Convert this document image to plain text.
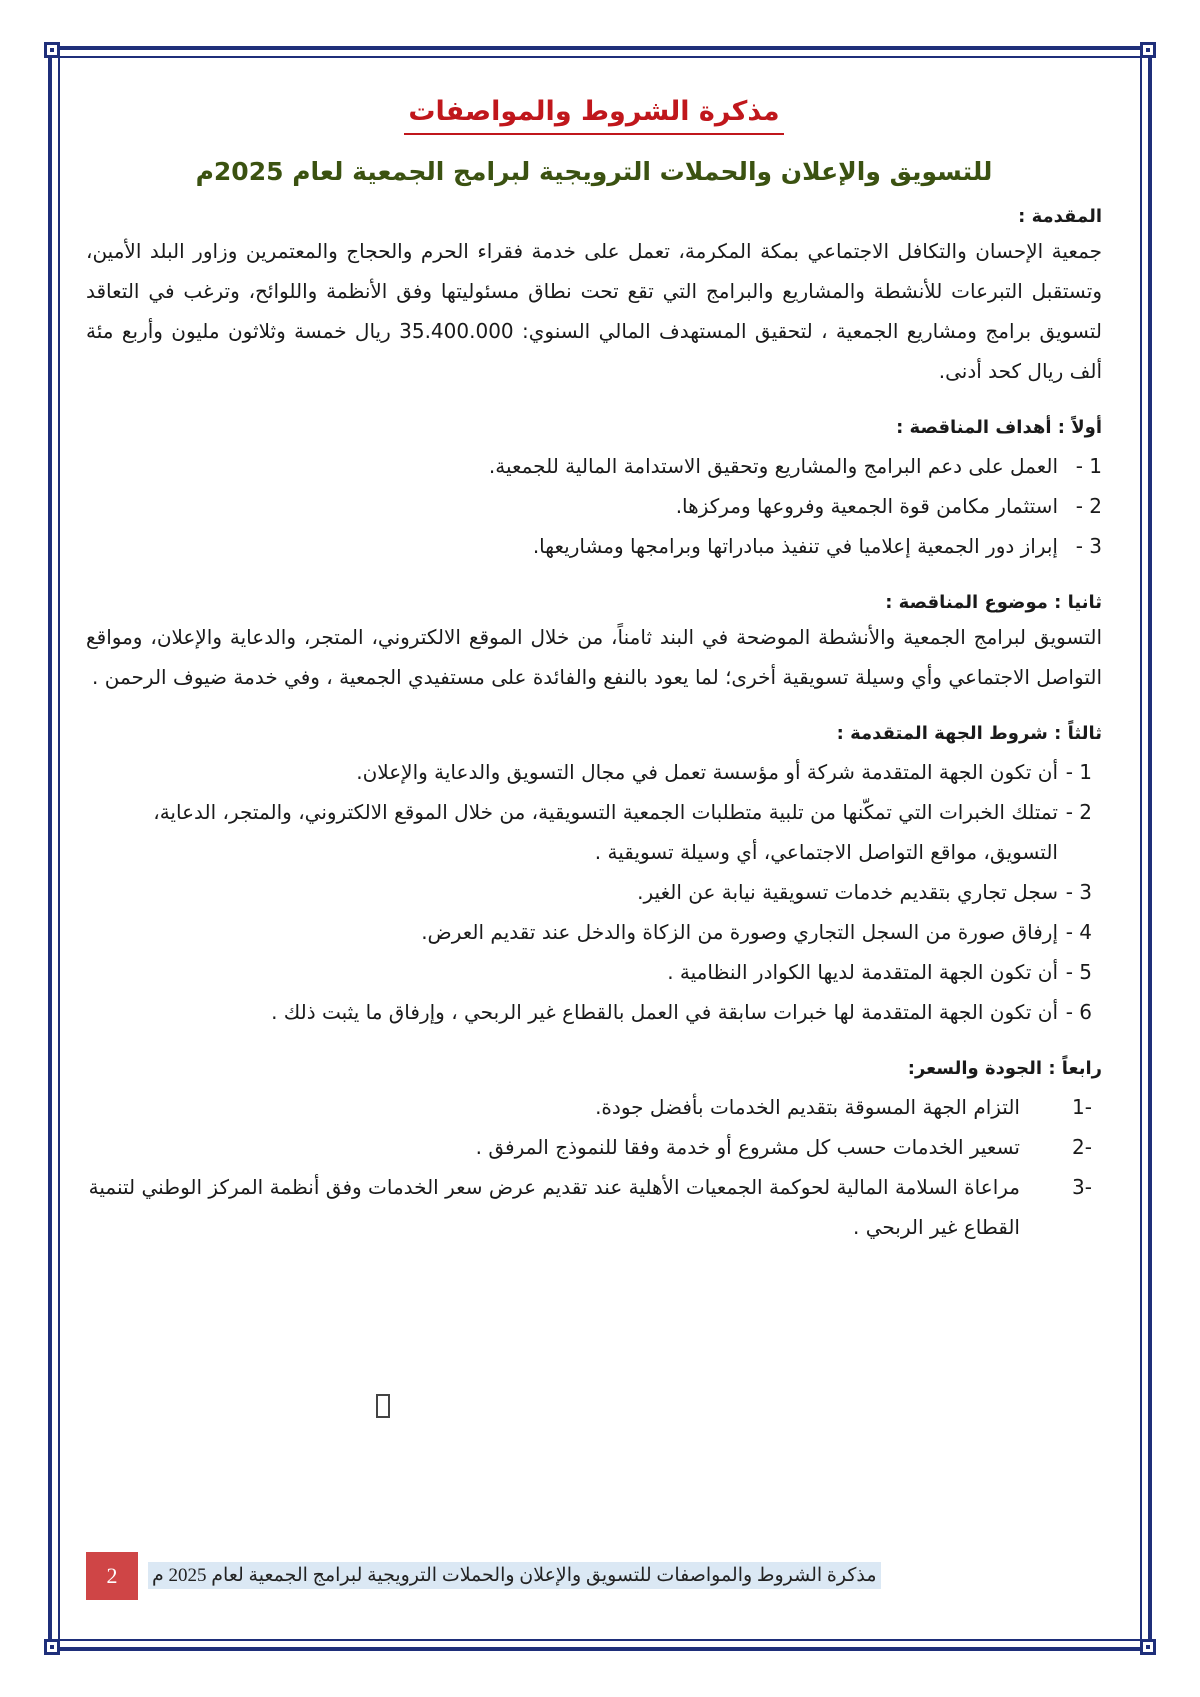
مذكرة الشروط والمواصفات
للتسويق والإعلان والحملات الترويجية لبرامج الجمعية لعام 2025م

المقدمة :

جمعية الإحسان والتكافل الاجتماعي بمكة المكرمة، تعمل على خدمة فقراء الحرم والحجاج والمعتمرين وزاور البلد الأمين، وتستقبل التبرعات للأنشطة والمشاريع والبرامج التي تقع تحت نطاق مسئوليتها وفق الأنظمة واللوائح، وترغب في التعاقد لتسويق برامج ومشاريع الجمعية ، لتحقيق المستهدف المالي السنوي: 35.400.000 ريال خمسة وثلاثون مليون وأربع مئة ألف ريال كحد أدنى.

أولاً : أهداف المناقصة :

1 -
العمل على دعم البرامج والمشاريع وتحقيق الاستدامة المالية للجمعية.
2 -
استثمار مكامن قوة الجمعية وفروعها ومركزها.
3 -
إبراز دور الجمعية إعلاميا في تنفيذ مبادراتها وبرامجها ومشاريعها.

ثانيا : موضوع المناقصة :

التسويق لبرامج الجمعية والأنشطة الموضحة في البند ثامناً، من خلال الموقع الالكتروني، المتجر، والدعاية والإعلان، ومواقع التواصل الاجتماعي وأي وسيلة تسويقية أخرى؛ لما يعود بالنفع والفائدة على مستفيدي الجمعية ، وفي خدمة ضيوف الرحمن .

ثالثاً : شروط الجهة المتقدمة :

1 -
أن تكون الجهة المتقدمة شركة أو مؤسسة تعمل في مجال التسويق والدعاية والإعلان.
2 -
تمتلك الخبرات التي تمكّنها من تلبية متطلبات الجمعية التسويقية، من خلال الموقع الالكتروني، والمتجر، الدعاية، التسويق، مواقع التواصل الاجتماعي، أي وسيلة تسويقية .
3 -
سجل تجاري بتقديم خدمات تسويقية نيابة عن الغير.
4 -
إرفاق صورة من السجل التجاري وصورة من الزكاة والدخل عند تقديم العرض.
5 -
أن تكون الجهة المتقدمة لديها الكوادر النظامية .
6 -
أن تكون الجهة المتقدمة لها خبرات سابقة في العمل بالقطاع غير الربحي ، وإرفاق ما يثبت ذلك .

رابعاً : الجودة والسعر:

-1
التزام الجهة المسوقة بتقديم الخدمات بأفضل جودة.
-2
تسعير الخدمات حسب كل مشروع أو خدمة وفقا للنموذج المرفق .
-3
مراعاة السلامة المالية لحوكمة الجمعيات الأهلية عند تقديم عرض سعر الخدمات وفق أنظمة المركز الوطني لتنمية القطاع غير الربحي .
2	مذكرة الشروط والمواصفات للتسويق والإعلان والحملات الترويجية لبرامج الجمعية لعام 2025 م
